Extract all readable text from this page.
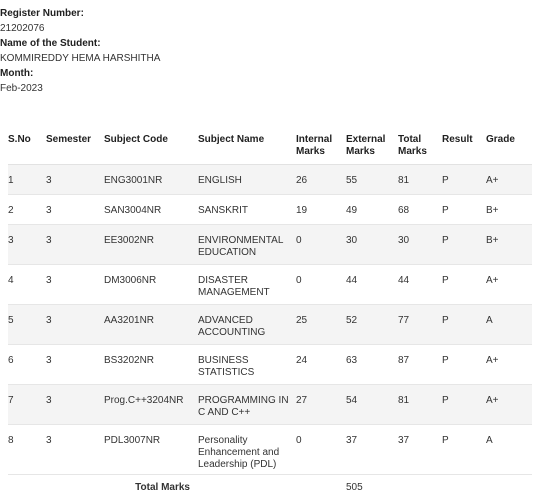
Register Number:
21202076
Name of the Student:
KOMMIREDDY HEMA HARSHITHA
Month:
Feb-2023
S.No	Semester	Subject Code	Subject Name	Internal Marks	External Marks	Total Marks	Result	Grade

1	3	ENG3001NR	ENGLISH	26	55	81	P	A+

2	3	SAN3004NR	SANSKRIT	19	49	68	P	B+

3	3	EE3002NR	ENVIRONMENTAL EDUCATION	0	30	30	P	B+

4	3	DM3006NR	DISASTER MANAGEMENT	0	44	44	P	A+

5	3	AA3201NR	ADVANCED ACCOUNTING	25	52	77	P	A

6	3	BS3202NR	BUSINESS STATISTICS	24	63	87	P	A+

7	3	Prog.C++3204NR	PROGRAMMING IN C AND C++	27	54	81	P	A+

8	3	PDL3007NR	Personality Enhancement and Leadership (PDL)	0	37	37	P	A

Total Marks					505			
